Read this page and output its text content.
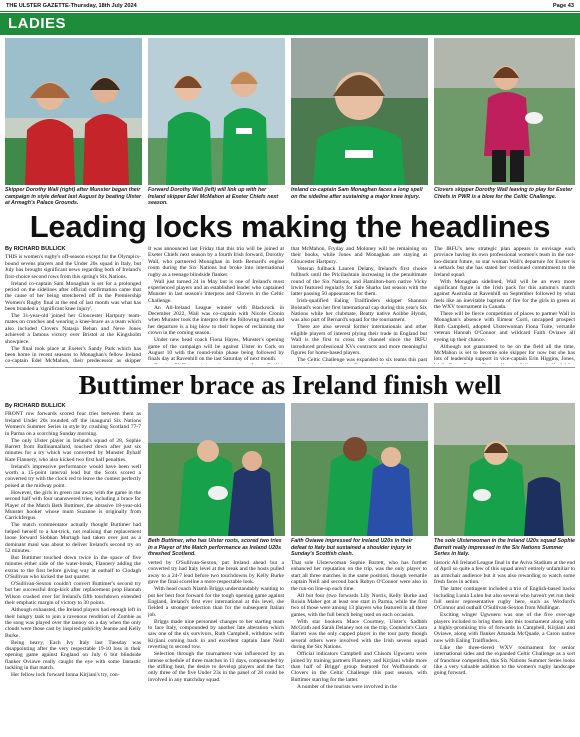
THE ULSTER GAZETTE-Thursday, 18th July 2024	Page 43
LADIES
Skipper Dorothy Wall (right) after Munster began their campaign in style defeat last August by beating Ulster at Armagh's Palace Grounds.
Forward Dorothy Wall (left) will link up with her Ireland skipper Edel McMahon at Exeter Chiefs next season.
Ireland co-captain Sam Monaghan faces a long spell on the sideline after sustaining a major knee injury.
Clovers skipper Dorothy Wall leaving to play for Exeter Chiefs in PWR is a blow for the Celtic Challenge.
Leading locks making the headlines
By RICHARD BULLICK

THIS is women's rugby's off-season except for the Olympics-bound sevens players and the Under 20s squad in Italy, but July has brought significant news regarding both of Ireland's first-choice second rows from this spring's Six Nations.

Ireland co-captain Sam Monaghan is set for a prolonged period on the sidelines after official confirmation came that the cause of her being stretchered off in the Premiership Women's Rugby final at the end of last month was what has been branded a 'significant knee injury'.

The 31-year-old joined her Gloucester Hartpury team-mates on crutches and wearing a knee-brace as a team which also included Clovers Natasja Behan and Neve Jones achieved a famous victory over Bristol at the Kingsholm showpiece.

The final took place at Exeter's Sandy Park which has been home in recent seasons to Monaghan's fellow Ireland co-captain Edel McMahon, their predecessor as skipper

It was announced last Friday that this trio will be joined at Exeter Chiefs next season by a fourth Irish forward, Dorothy Wall, who partnered Monaghan in both Bernard's engine room during the Six Nations but broke into international rugby as a teenage blindside flanker.

Wall just turned 24 in May but is one of Ireland's most experienced players and an established leader who captained Munster in last season's interpros and Clovers in the Celtic Challenge.

An All-Ireland League winner with Blackrock in December 2022, Wall was co-captain with Nicole Cronin when Munster took the interpro title the following month and her departure is a big blow to their hopes of reclaiming the crown in the coming season.

Under new head coach Fiona Hayes, Munster's opening game of the campaign will be against Ulster in Cork on August 10 with the round-robin phase being followed by finals day at Ravenhill on the last Saturday of next month.

that McMahon, Fryday and Moloney will be remaining on their books, while Jones and Monaghan are staying at Gloucester Hartpury.

Veteran fullback Lauren Delany, Ireland's first choice fullback until the Pricilashtain increasing in the penultimate round of the Six Nations, and Hamilton-born native Vicky Irwin featured regularly for Sale Sharks last season with the latter passing 50 appearances for them.

Irish-qualified Ealing Trailfinders skipper Shannon Bolstad's won her first international cap during this year's Six Nations while her clubmate, Beatty native Aoibhe Hynds, was also part of Bernard's squad for the tournament.

There are also several former internationals and other eligible players of interest plying their trade in England but Wall is the first to cross the channel since the IRFU introduced professional XVs contracts and more meaningful figures for home-based players.

The Celtic Challenge was expanded to six teams this past

The IRFU's new strategic plan appears to envisage each province having its own professional women's team in the not-too-distant future, so star woman Wall's departure for Exeter is a setback but she has stated her continued commitment to the Ireland squad.

With Monaghan sidelined, Wall will be an even more significant figure in the Irish pack for this autumn's match against Australia at Ravenhill on September followed by what feels like an inevitable baptism of fire for the girls in green at the WXV tournament in Canada.

There will be fierce competition of places to partner Wall in Monaghan's absence with Eimear Corri, uncapped prospect Ruth Campbell, adopted Ulsterwoman Fiona Tuite, versatile veteran Hannah O'Connor and wildcard Faith Oviawe all eyeing up their chance.

Although not guaranteed to be on the field all the time, McMahon is set to become sole skipper for now but she has lots of leadership support in vice-captain Erin Higgins, Jones,

Buttimer brace as Ireland finish well
By RICHARD BULLICK

FRONT row forwards scored four tries between them as Ireland Under 20s rounded off the inaugural Six Nations Women's Summer Series in style by crushing Scotland 77-7 in Parma on a scorching Sunday morning.

The only Ulster player in Ireland's squad of 28, Sophie Barrett from Ballinamallard, touched down after just six minutes for a try which was converted by Munster flyhalf Kate Flannery, who also kicked two first half penalties.

Ireland's impressive performance would have been well worth a 15-point interval lead but the Scots scored a converted try with the clock red to leave the contest perfectly poised at the midway point.

However, the girls in green ran away with the game in the second half with four unanswered tries, including a brace for Player of the Match Beth Buttimer, the abrasive 18-year-old Munster hooker whose mum Suzanne is originally from Carrickfergus.

The match commentator actually thought Buttimer had helped herself to a hat-trick, not realising that replacement loose forward Siobhan Murtagh had taken over just as a dominant maul was about to deliver Ireland's second try on 52 minutes.

But Buttimer touched down twice in the space of five minutes either side of the water-break, Flannery adding the extras to the first before giving way at outhalf to Clodagh O'Sullivan who kicked the last quarter.

O'Sullivan-Sexton couldn't convert Buttimer's second try but her successful drop-kick after replacement prop Hannah Wilson crashed over for Ireland's fifth touchdown extended their emphatic margin of victory to 30 points.

Although exhausted, the Ireland players had enough left in their hungry tank to join a ravenous rendition of Zombie as the song was played over the tannoy on a day when the only clouds were those cast by inspired publicity Jeanne and Kelly Burke.

Being heavy, Each Ivy Italy last Tuesday was disappointing after the very respectable 19-10 loss in their opening game against England on July 6 but blindside flanker Oviawe really caught the eye with some fantastic tackling in that match.

Her fellow lock forward Ionna Kirjiani's try, con-

Beth Buttimer, who has Ulster roots, scored two tries in a Player of the Match performance as Ireland U20s thrashed Scotland.
Faith Oviawe impressed for Ireland U20s in their defeat to Italy but sustained a shoulder injury in Sunday's Scottish clash.
The sole Ulsterwoman in the Ireland U20s squad Sophie Barrett really impressed in the Six Nations Summer Series in Italy.

verted by O'Sullivan-Sexton, put Ireland ahead but a converted try had Italy level at the break and the hosts pulled away to a 24-7 lead before two touchdowns by Kelly Burke gave the final scoreline a more respectable look.

With head coach Niamh Briggs understandably wanting to put her best foot forward for the tough opening game against England, Ireland's first ever international at this level, she fielded a stronger selection than for the subsequent Italian job.

Briggs made nine personnel changes to her starting team to face Italy, compounded by another late alteration which saw one of the six survivors, Ruth Campbell, withdraw with Kirjiani coming back in and excellent captain Jane Neill reverting to second row.

Selection through the tournament was influenced by an intense schedule of three matches in 11 days, compounded by the stifling heat, the desire to develop players and the fact only three of the five Under 23s in the panel of 28 could be involved in any matchday squad.

That sole Ulsterwoman Sophie Barrett, who has further enhanced her reputation on the trip, was the only player to start all three matches in the same position, though versatile captain Neill and second back Robyn O'Connor were also in the run-on line-up each time.

All but four (two forwards Lily Norris, Kelly Burke and Roisin Maher got at least one start in Parma, while the first two of those were among 13 players who featured in all three games, with the full bench being used on each occasion.

With star hookers Mace Courtney, Ulster's Sadhbh McGrath and Sarah Delaney not on the trip, Connacht's Ciara Barrett was the only capped player in the tour party though several others were involved with the Irish sevens squad during the Six Nations.

Official indicators Campbell and Chisom Ugwueru were joined by training partners Flannery and Kirjiani while more than half of Briggs' group featured for Wolfhounds or Clovers in the Celtic Challenge this past season, with Buttimer starring for the latter.

A number of the tourists were involved in the

historic All Ireland League final in the Aviva Stadium at the end of April so quite a few of this squad aren't entirely unfamiliar to an armchair audience but it was also rewarding to watch some fresh faces in action.

The latter contingent included a trio of English-based backs including Lunia Lulen but also several who haven't yet run their full senior representative rugby here, such as Wexford's O'Connor and outhalf O'Sullivan-Sexton from Mullingar.

Exciting winger Ugwueru was one of the five over-age players included to bring them into this tournament along with a highly-promising trio of forwards in Campbell, Kirjiani and Oviawe, along with flanker Amanda McQuade, a Caron native now with Ealing Trailfinders.

Like the three-tiered WXV tournament for senior international sides and the expanded Celtic Challenge as a sort of franchise competition, this Six Nations Summer Series looks like a very valuable addition to the women's rugby landscape going forward.
